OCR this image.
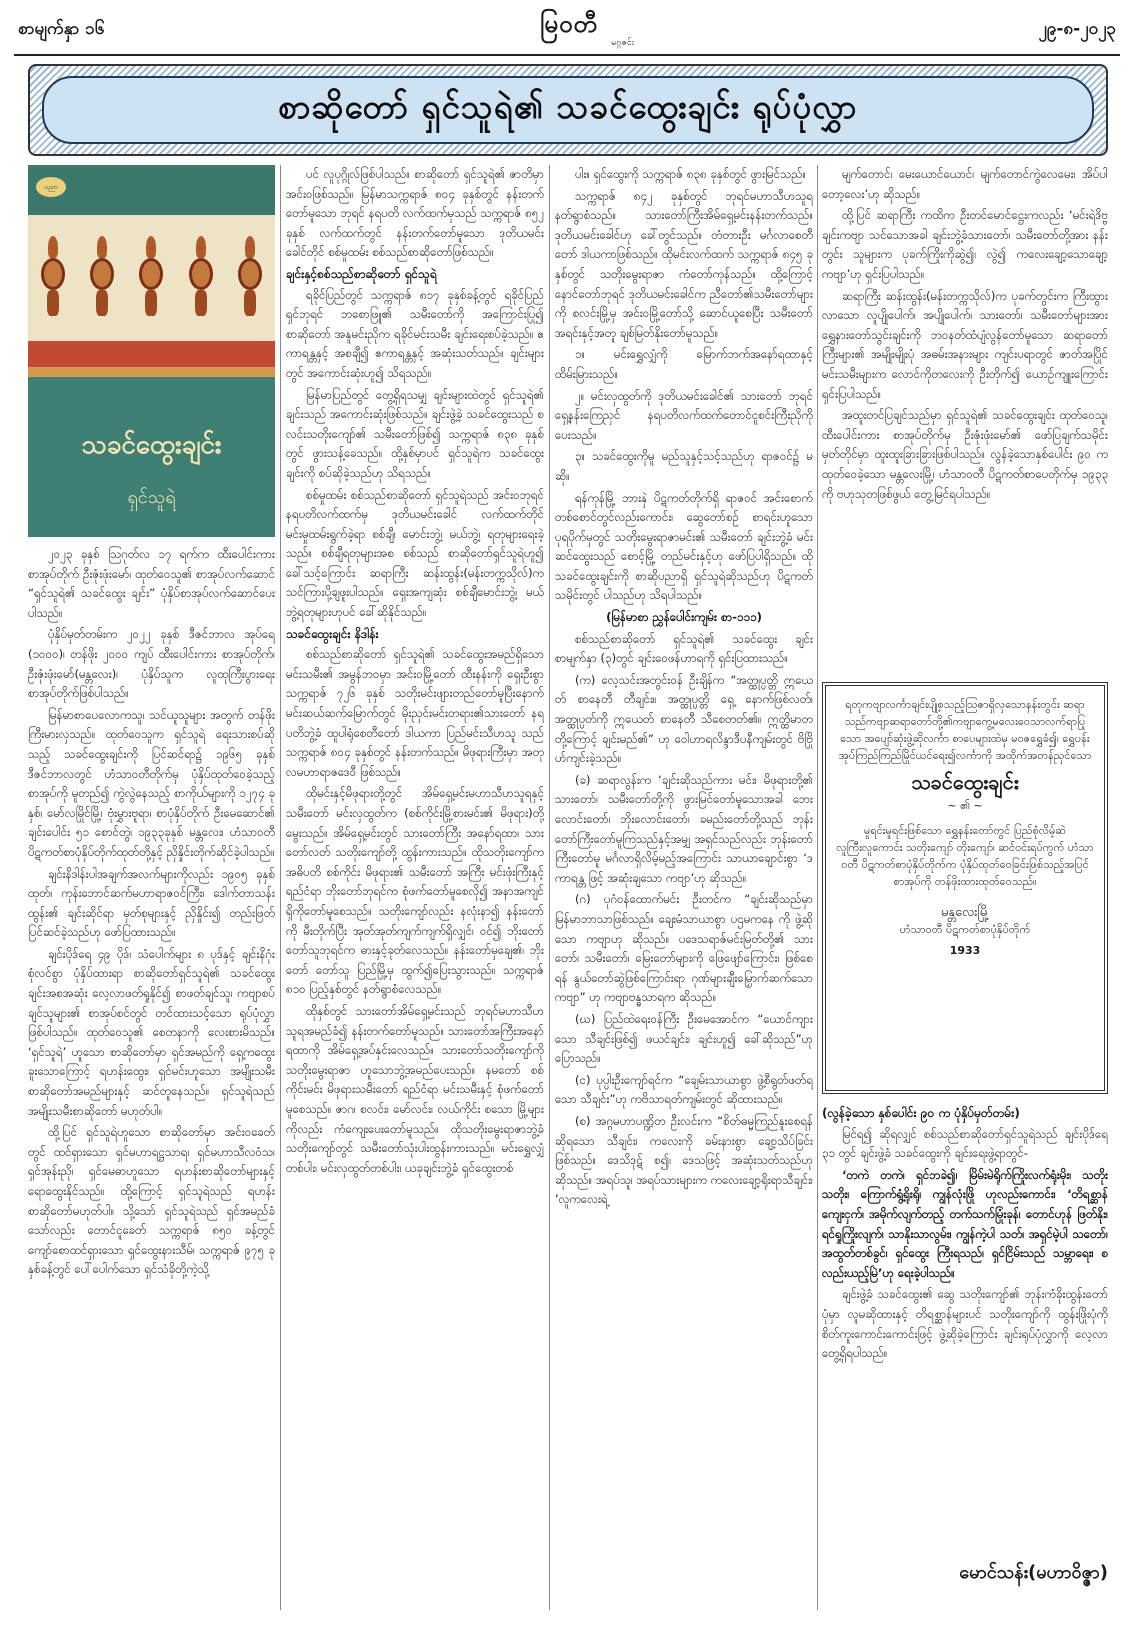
စာမျက်နှာ ၁၆	မြဝတီ
မဂ္ဂဇင်း
၂၉-၈-၂၀၂၃
စာဆိုတော် ရှင်သူရဲ၏ သခင်ထွေးချင်း ရုပ်ပုံလွှာ
ပညာ
သခင်ထွေးချင်း
ရှင်သူရဲ

၂၀၂၃ ခုနှစ် ဩဂုတ်လ ၁၇ ရက်က ထီးပေါင်းကားစာအုပ်တိုက် ဦးဇုံးဖုံးမော်၊ ထုတ်ဝေသူ၏ စာအုပ်လက်ဆောင် “ရှင်သူရဲ၏ သခင်ထွေး ချင်း” ပုံနှိပ်စာအုပ်လက်ဆောင်ပေးပါသည်။

ပုံနှိပ်မှတ်တမ်းက ၂၀၂၂ ခုနှစ် ဒီဇင်ဘာလ အုပ်ရေ (၁၀၀၀)၊ တန်ဖိုး ၂၀၀၀ ကျပ် ထီးပေါင်းကား စာအုပ်တိုက်၊ ဦးဇုံးဖုံးမော်(မန္တလေး)၊ ပုံနှိပ်သူက လူထုကြီးပွားရေးစာအုပ်တိုက်ဖြစ်ပါသည်။

မြန်မာစာပေလောကသူ၊ သင်ယူသူများ အတွက် တန်ဖိုးကြီးမားလှသည်။ ထုတ်ဝေသူက ရှင်သူရဲ ရေးသားစပ်ဆိုသည့် သခင်ထွေးချင်းကို ပြင်ဆင်ရာ၌ ၁၉၆၅ ခုနှစ် ဒီဇင်ဘာလတွင် ဟံသာဝတီတိုက်မှ ပုံနှိပ်ထုတ်ဝေခဲ့သည့် စာအုပ်ကို မူတည်၍ ကွဲလွဲနေသည့် စာကိုယ်များကို ၁၂၇၄ ခုနှစ်၊ မော်လမြိုင်မြို့၊ ဗုံးမွှားဗူရာ၊ စာပုံနှိပ်တိုက် ဦးမေဆောင်၏ ချင်းပေါင်း ၅၁ စောင်တွဲ၊ ၁၉၃၃ခုနှစ် မန္တလေး၊ ဟံသာဝတီ ပိဋကတ်စာပုံနှိပ်တိုက်ထုတ်တို့နှင့် ညှိနှိုင်းတိုက်ဆိုင်ခဲ့ပါသည်။

ချင်းနိဒါန်းပါအချက်အလက်များကိုလည်း ၁၉၀၅ ခုနှစ်ထုတ်၊ ကုန်းဘောင်ဆက်မဟာရာဇဝင်ကြီး၊ ဒေါက်တာသန်းထွန်း၏ ချင်းဆိုင်ရာ မှတ်စုများနှင့် ညှိနှိုင်း၍ တည်းဖြတ်ပြင်ဆင်ခဲ့သည်ဟု ဖော်ပြထားသည်။

ချင်းပိုဒ်ရေ ၄၉ ပိုဒ်၊ သံပေါက်များ ၈ ပုဒ်နှင့် ချင်းနိဂုံးစုံလင်စွာ ပုံနှိပ်ထားရာ စာဆိုတော်ရှင်သူရဲ၏ သခင်ထွေး ချင်းအစအဆုံး လေ့လာဖတ်ရှုနိုင်၍ စာဖတ်ချင်သူ၊ ကဗျာစပ်ချင်သူများ၏ စာအုပ်စင်တွင် တင်ထားသင့်သော ရုပ်ပုံလွှာဖြစ်ပါသည်။ ထုတ်ဝေသူ၏ စေတနာကို လေးစားမိသည်။ ‘ရှင်သူရဲ’ ဟူသော စာဆိုတော်မှာ ရှင်အမည်ကို ရှေ့ကထွေးခူးသောကြောင့် ရဟန်းထွေး၊ ရှင်မင်းဟူသော အမျိုးသမီးစာဆိုတော်အမည်များနှင့် ဆင်တူနေသည်။ ရှင်သူရဲသည် အမျိုးသမီးစာဆိုတော် မဟုတ်ပါ။

ထို့ပြင် ရှင်သူရဲဟူသော စာဆိုတော်မှာ အင်းဝခေတ်တွင် ထင်ရှားသော ရှင်မဟာရဋ္ဌသာရ၊ ရှင်မဟာသီလဝံသ၊ ရှင်အုန်းညို၊ ရှင်မေဓာဟူသော ရဟန်းစာဆိုတော်များနှင့် ရောထွေးနိုင်သည်။ ထို့ကြောင့် ရှင်သူရဲသည် ရဟန်းစာဆိုတော်မဟုတ်ပါ။ သို့သော် ရှင်သူရဲသည် ရှင်အမည်ခံသော်လည်း တောင်ငူခေတ် သက္ကရာဇ် ၈၅၀ ခန့်တွင် ကျော်စောထင်ရှားသော ရှင်ထွေးနားသီမ်၊ သက္ကရာဇ် ၉၇၅ ခုနှစ်ခန့်တွင် ပေါ်ပေါက်သော ရှင်သံခိုတို့ကဲ့သို့

ပင် လူပုဂ္ဂိုလ်ဖြစ်ပါသည်။ စာဆိုတော် ရှင်သူရဲ၏ ဇာတိမှာ အင်းဝဖြစ်သည်။ မြန်မာသက္ကရာဇ် ၈၀၄ ခုနှစ်တွင် နန်းတက်တော်မူသော ဘုရင် နရပတိ လက်ထက်မှသည် သက္ကရာဇ် ၈၅၂ ခုနှစ် လက်ထက်တွင် နန်းတက်တော်မူသော ဒုတိယမင်းခေါင်တိုင် စစ်မှုထမ်း စစ်သည်စာဆိုတော်ဖြစ်သည်။

ချင်းနှင့်စစ်သည်စာဆိုတော် ရှင်သူရဲ

ရခိုင်ပြည်တွင် သက္ကရာဇ် ၈၁၇ ခုနှစ်ခန့်တွင် ရခိုင်ပြည်ရှင်ဘုရင် ဘစောဖြူ၏ သမီးတော်ကို အကြောင်းပြု၍ စာဆိုတော် အနူမင်းညိုက ရခိုင်မင်းသမီး ချင်းရေးစပ်ခဲ့သည်။ ဧကာရန္တနှင့် အစချီ၍ ဧကာရန္တနှင့် အဆုံးသတ်သည်။ ချင်းများ တွင် အကောင်းဆုံးဟူ၍ သိရသည်။

မြန်မာပြည်တွင် တွေ့ရှိရသမျှ ချင်းများထဲတွင် ရှင်သူရဲ၏ ချင်းသည် အကောင်းဆုံးဖြစ်သည်။ ချင်းဖွဲ့ခဲ့ သခင်ထွေးသည် စလင်းသတိုးကျော်၏ သမီးတော်ဖြစ်၍ သက္ကရာဇ် ၈၃၈ ခုနှစ်တွင် ဖွားသန့်ခေသည်။ ထို့နှစ်မှာပင် ရှင်သူရဲက သခင်ထွေး ချင်းကို စပ်ဆိုခဲ့သည်ဟု သိရသည်။

စစ်မှုထမ်း စစ်သည်စာဆိုတော် ရှင်သူရဲသည် အင်းဝဘုရင် နရပတိလက်ထက်မှ ဒုတိယမင်းခေါင် လက်ထက်တိုင် မင်းမှုထမ်းရွက်ခဲ့ရာ စစ်ချီ၊ မောင်းဘွဲ့၊ မယ်ဘွဲ့၊ ရတုများရေးခဲ့သည်။ စစ်ချီရတုများအစ စစ်သည် စာဆိုတော်ရှင်သူရဲဟူ၍ ခေါ်သင့်ကြောင်း ဆရာကြီး ဆန်းထွန်း(မန်းတက္ကသိုလ်)က သင်ကြားပို့ချဖူးပါသည်။ ရှေးအကျဆုံး စစ်ချီမောင်းဘွဲ့၊ မယ်ဘွဲ့ရတုများဟုပင် ခေါ်ဆိုနိုင်သည်။

သခင်ထွေးချင်း နိဒါန်း

စစ်သည်စာဆိုတော် ရှင်သူရဲ၏ သခင်ထွေးအမည်ရှိသော မင်းသမီး၏ အမွန်ဘဝမှာ အင်းဝမြို့တော် ထီးနန်းကို ရှေးဦးစွာ သက္ကရာဇ် ၇၂၆ ခုနှစ် သတိုးမင်းဖျားတည်တော်မူပြီးနောက် မင်းဆယ်ဆက်မြောက်တွင် မိုးညှင်းမင်းတရား၏သားတော် နရပတိဘွဲ့ခံ ထူပါရုံစေတီတော် ဒါယကာ ပြည်မင်းသီဟသူ သည် သက္ကရာဇ် ၈၀၄ ခုနှစ်တွင် နန်းတက်သည်။ မိဖုရားကြီးမှာ အတုလမဟာရာဇဒေဝီ ဖြစ်သည်။

ထိုမင်းနှင့်မိဖုရားတို့တွင် အိမ်ရှေ့မင်းမဟာသီဟသူရနှင့် သမီးတော် မင်းလှထွတ်က (စစ်ကိုင်းမြို့စားမင်း၏ မိဖုရား)တို့မွေးသည်။ အိမ်ရှေ့မင်းတွင် သားတော်ကြီး အနော်ရထာ၊ သားတော်လတ် သတိုးကျော်တို့ ထွန်းကားသည်။ ထိုသတိုးကျော်က အဓိပတိ စစ်ကိုင်း မိဖုရား၏ သမီးတော် အကြီး မင်းဖုံးကြီးနှင့် ရည်ငံရာ ဘိုးတော်ဘုရင်က စုံဖက်တော်မူစေလို၍ အနာအကျင်ရှိကိုတော်မူစေသည်။ သတိုးကျော်လည်း နလုံးနာ၍ နန်းတော်ကို မီးတိုက်ပြီး အုတ်အုတ်ကျက်ကျက်ရှိလျှင်၊ ဝင်၍ ဘိုးတော် တော်သူဘုရင်က ဓားနှင့်ခုတ်လေသည်။ နန်းတော်မှချေ၏၊ ဘိုးတော် တော်သူ ပြည်မြို့မှ ထွက်၍ပြေးသွားသည်။ သက္ကရာဇ် ၈၁၀ ပြည့်နှစ်တွင် နတ်ရွာစံလေသည်။

ထိုနှစ်တွင် သားတော်အိမ်ရှေ့မင်းသည် ဘုရင်မဟာသီဟသူရအမည်ခံ၍ နန်းတက်တော်မူသည်။ သားတော်အကြီးအနော်ရထာကို အိမ်ရှေ့အပ်နှင်းလေသည်။ သားတော်သတိုးကျော်ကို သတိုးမွေးရာဇာ ဟူသောဘွဲ့အမည်ပေးသည်။ နမတော် စစ်ကိုင်းမင်း မိဖုရားသမီးတော် ရည်ငံရာ မင်းသမီးနှင့် စုံဖက်တော်မူစေသည်။ ဇာဂ၊ စလင်း၊ မော်လင်း၊ လယ်ကိုင်း စသော မြို့များကိုလည်း ကံကျေးပေးတော်မူသည်။ ထိုသတိုးမွေးရာဇာဘွဲ့ခံ သတိုးကျော်တွင် သမီးတော်သုံးပါးထွန်းကားသည်။ မင်းရွှေလျှံတစ်ပါး၊ မင်းလှထွတ်တစ်ပါး၊ ယခုချင်းဘွဲ့ခံ ရှင်ထွေးတစ်

ပါး။ ရှင်ထွေးကို သက္ကရာဇ် ၈၃၈ ခုနှစ်တွင် ဖွားမြင်သည်။

သက္ကရာဇ် ၈၄၂ ခုနှစ်တွင် ဘုရင်မဟာသီဟသူရ နတ်ရွာစံသည်။ သားတော်ကြီးအိမ်ရှေ့မင်းနန်းတက်သည်။ ဒုတိယမင်းခေါင်ဟု ခေါ်တွင်သည်။ တံတားဦး မင်္ဂလာစေတီတော် ဒါယကာဖြစ်သည်။ ထိုမင်းလက်ထက် သက္ကရာဇ် ၈၄၅ ခုနှစ်တွင် သတိုးမွေးရာဇာ ကံတော်ကုန်သည်။ ထို့ကြောင့် နောင်တော်ဘုရင် ဒုတိယမင်းခေါင်က ညီတော်၏သမီးတော်များကို စလင်းမြို့မှ အင်းဝမြို့တော်သို့ ဆောင်ယူစေပြီး သမီးတော်အရင်းနှင့်အတူ ချစ်မြတ်နိုးတော်မူသည်။

၁။ မင်းရွှေလျှံကို မြောက်ဘက်အနော်ရထာနှင့် ထိမ်းမြားသည်။

၂။ မင်းလှထွတ်ကို ဒုတိယမင်းခေါင်၏ သားတော် ဘုရင်ရှေ့နန်းကြေညှင် နရပတိလက်ထက်တောင်ငူစင်းကြီးညိုကို ပေးသည်။

၃။ သခင်ထွေးကိုမူ မည်သူနှင့်သင့်သည်ဟု ရာဇဝင်၌ မဆို။

ရန်ကုန်မြို့ ဘားနှဲ ပိဋကတ်တိုက်ရှိ ရာဇဝင် အင်းစောက်တစ်စောင်တွင်လည်းကောင်း၊ ဆွေတော်စဉ် စာရင်းဟူသော ပုရပိုက်မှတွင် သတိုးမွေးရာဇာမင်း၏ သမီးတော် ချင်းဘွဲ့ခံ မင်းဆင်ထွေးသည် စောင့်မြို့ တည်မင်းနှင့်ဟု ဖော်ပြပါရှိသည်။ ထိုသခင်ထွေးချင်းကို စာဆိုပညာရှိ ရှင်သူရဲဆိုသည်ဟု ပိဋကတ်သမိုင်းတွင် ပါသည်ဟု သိရပါသည်။

(မြန်မာစာ ညွှန်ပေါင်းကျမ်း စာ-၁၁၁)

စစ်သည်စာဆိုတော် ရှင်သူရဲ၏ သခင်ထွေး ချင်း စာမျက်နှာ (၃)တွင် ချင်းဝေဖန်ဟာရကို ရှင်းပြထားသည်။

(က) လေ့သင်းအတွင်းဝန် ဦးချိန်က “အတ္ထုပ္ပတ္တိ ဣယေတ် စာနေတီ တီချင်း။ အတ္ထုပ္ပတ္တိ ရှေ့ နောက်ဖြစ်လတ်၊ အတ္ထုပ္ပတ်ကို ဣယေတ် စာနေတီ သီစေတတ်၏။ ဣတ္ထိမာတတို့ကြောင့် ချင်းမည်၏” ဟု ဝေါဟာရလိန္ဒာဒီပနီကျမ်းတွင် ဗိဗြိုဟ်ကျင်းခဲ့သည်။

(ခ) ဆရာလွန်းက ‘ချင်းဆိုသည်ကား မင်း၊ မိဖုရားတို့၏ သားတော်၊ သမီးတော်တို့ကို ဖွားမြင်တော်မူသောအခါ ဘေးလောင်းတော်၊ ဘိုးလောင်းတော်၊ ခမည်းတော်တို့သည် ဘုန်းတော်ကြီးတော်မူကြသည်နှင့်အမျှ အရှင်သည်လည်း ဘုန်းတော်ကြီးတော်မူ မင်္ဂလာရှိလိမ့်မည့်အကြောင်း သာယာချောင်းစွာ ‘ဒ ကာရန္တ ဖြင့် အဆုံးချသော ကဗျာ’ဟု ဆိုသည်။

(ဂ) ပုဂံဝန်ထောက်မင်း ဦးတင်က “ချင်းဆိုသည်မှာ မြန်မာဘာသာဖြစ်သည်။ ချေးမံသာယာစွာ ပဌမကနေ ကို ဖွဲ့ဆိုသော ကဗျာဟု ဆိုသည်။ ပဒေသရာဇ်မင်းမြတ်တို့၏ သားတော်၊ သမီးတော်၊ မြေးတော်များကို ဖြေဖျော်ကြောင်း၊ ဖြစ်စေရန် နွယ်တော်ဆွဲဖြစ်ကြောင်းရာ ဂုဏ်များချီးမြှောက်ဆက်သော ကဗျာ” ဟု ကဗျာဗန္ဓသာရက ဆိုသည်။

(ဃ) ပြည်ထဲရေးဝန်ကြီး ဦးမေအောင်က “ယောင်ကျားသော သီချင်းဖြစ်၍ ဖယင်ချင်း၊ ချင်းဟူ၍ ခေါ်ဆိုသည်”ဟု ပြောသည်။

(င) ပုပ္ပါးဦးကျော်ရင်က “ချေမ်းသာယာစွာ ဖွဲ့စီရွတ်ဖတ်ရသော သီချင်း”ဟု ကဗိသာရတ်ကျမ်းတွင် ဆိုထားသည်။

(စ) အဂ္ဂမဟာပဏ္ဍိတ ဦးလင်းက “စိတ်ဓမ္မကြည်နူးစေရန် ဆိုရသော သီချင်း၊ ကလေးကို ခမ်းနားစွာ ချော့သိပ်ခြင်းဖြစ်သည်။ ဒေသိဒုဋ် စ၍၊ ဒေသဖြင့် အဆုံးသတ်သည်ဟု ဆိုသည်။ အရပ်သူ၊ အရပ်သားများက ကလေးချော့ရိုးရာသီချင်း၊ ‘လူကလေးရဲ့

မျက်တောင်၊ မေးယောင်ယောင်၊ မျက်တောင်ကွဲလေမေး၊ အိပ်ပါတော့လေး’ဟု ဆိုသည်။

ထို့ပြင် ဆရာကြီး ကထိက ဦးတင်မောင်ဋ္ဌေးကလည်း ‘မင်းရဲဒိဗ္ဗချင်းကဗျာ သင်သောအခါ ချင်းဘွဲ့ခံသားတော်၊ သမီးတော်တို့အား နန်းတွင်း သူများက ပုခက်ကြိုးကိုဆွဲ၍၊ လွဲ၍ ကလေးချော့သောချော့ ကဗျာ’ဟု ရှင်းပြပါသည်။

ဆရာကြီး ဆန်းထွန်း(မန်းတက္ကသိုလ်)က ပုခက်တွင်းက ကြီးထွားလာသော လူပျိုပေါက်၊ အပျိုပေါက်၊ သားတော်၊ သမီးတော်များအား ရွှေနားတော်သွင်းချင်းကို ဘဝနတ်ထံပျံလွန်တော်မူသော ဆရာတော်ကြီးများ၏ အမျိုးမျိုးပုံ အဓမ်းအနားများ ကျင်းပရာတွင် ဇာတ်အပြိုင်မင်းသမီးများက လောင်ကိုတလေးကို ဦးတိုက်၍ ယောဉ်ကျူးကြောင်း ရှင်းပြပါသည်။

အထူးတင်ပြချင်သည်မှာ ရှင်သူရဲ၏ သခင်ထွေးချင်း ထုတ်ဝေသူ၊ ထီးပေါင်းကား စာအုပ်တိုက်မှ ဦးဇုံးဖုံးမော်၏ ဖော်ပြချက်သမိုင်းမှတ်တိုင်မှာ ထူးထူးခြားခြားဖြစ်ပါသည်။ လွန်ခဲ့သောနှစ်ပေါင်း ၉၀ က ထုတ်ဝေခဲ့သော မန္တလေးမြို့၊ ဟံသာဝတီ ပိဋကတ်စာပေတိုက်မှ ၁၉၃၃ ကို ဗဟုသုတဖြစ်ဖွယ် တွေ့မြင်ရပါသည်။

ရတုကဗျာလင်္ကာချင်းပျို့စသည့်ဩဇာရှိလှသောနန်းတွင်း ဆရာသည်ကဗျာဆရာတော်တို့၏ကဗျာကွေ့မလေးဝေသာလက်ရာပြုသော အပျော်ဆုံးဖွဲ့ဆိုလင်္ကာ စာပေများထဲမှ မဝဇရွှေခံ၍၊ ရွှေပန်းအုပ်ကြည်ကြည်မြိုင်ယင်ရေး၍လင်္ကာကို အထိုက်အတန်ညှင်သော
သခင်ထွေးချင်း
~ ၏ ~
မူရင်းမူရင်းဖြစ်သော ရွှေနန်းတော်တွင် ပြည်စုံလိမ့်ဆဲ လူကြီးလူကောင်း သတိုးကျော် တိုးကျော်၊ ဆင်ဝင်းရပ်ကွက် ဟံသာဝတီ ပိဋကတ်စာပုံနှိပ်တိုက်က ပုံနှိပ်ထုတ်ဝေခြင်းဖြစ်သည့်အပြင် စာအုပ်ကို တန်ဖိုးထားထုတ်ဝေသည်။
မန္တလေးမြို့
ဟံသာဝတီ ပိဋကတ်စာပုံနှိပ်တိုက်
1933
(လွန်ခဲ့သော နှစ်ပေါင်း ၉၀ က ပုံနှိပ်မှတ်တမ်း)

မြင်ရ၍ ဆိုရလျှင် စစ်သည်စာဆိုတော်ရှင်သူရဲသည် ချင်းပိုဒ်ရေ ၃၁ တွင် ချင်းဖွဲ့ခံ သခင်ထွေးကို ချင်းရေးဖွဲ့ရာတွင်-

‘တကဲ တကဲ၊ ရှင်ဘခဲ၍၊ မြိမ်းမဲရိုက်ကြိုးလက်ရုံးမိုး၊ သတိုး သတိုး၊ ကြောက်ရွံ့ရိုးရို၊ ကျွန်လုံးဖြို ဟုလည်းကောင်း၊ ‘တိရစ္ဆာန် ကျေးငှက်၊ အမိုက်လျက်တည့် တက်သက်မြုံးခုန်၊ တောင်ဟုန် ဖြတ်နိုး၊ ရင်ရှုကြိုးလျက်၊ သာနိုးသာလွမ်း၊ ကျွန်ကဲ့ပါ သတ်၊ အရှင်မဲ့ပါ သတော်၊ အထွတ်တစ်ခွင်၊ ရှင်ထွေး ကြီးရသည်၊ ရှင်ငြိမ်းသည် သမ္ဘာရေး၊ စလည်းယည့်မြဲ’ဟု ရေးခဲ့ပါသည်။

ချင်းဖွဲ့ခံ သခင်ထွေး၏ ဆွေ သတိုးကျော်၏ ဘုန်းကံခိုးထွန်းတော်ပုံမှာ လူမဆိုထားနှင့် တိရစ္ဆာန်များပင် သတိုးကျော်ကို ထွန်းဖြိုးပုံကို စိတ်ကူးကောင်းကောင်းဖြင့် ဖွဲ့ဆိုခဲ့ကြောင်း ချင်းရုပ်ပုံလွှာကို လေ့လာတွေ့ရှိရပါသည်။

မောင်သန်း(မဟာဝိဇ္ဇာ)
